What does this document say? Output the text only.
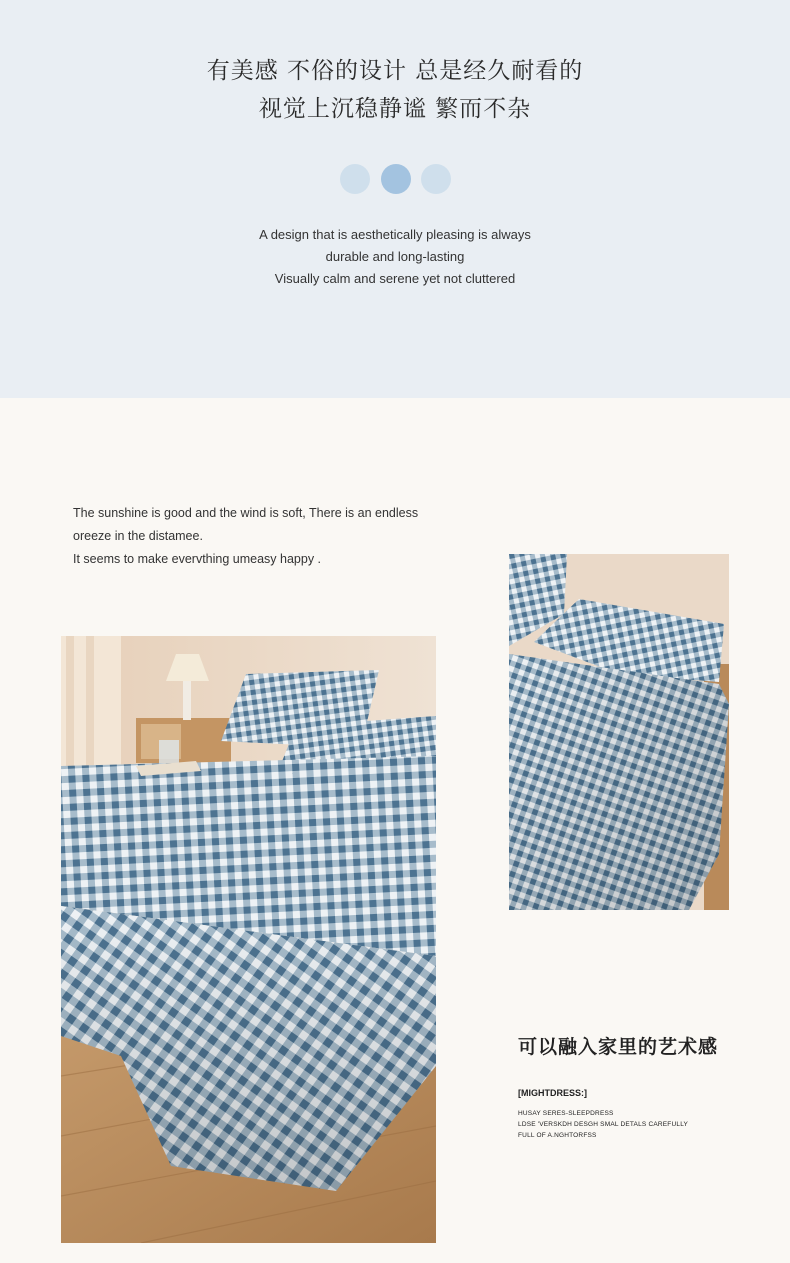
有美感 不俗的设计 总是经久耐看的
视觉上沉稳静谧 繁而不杂
A design that is aesthetically pleasing is always
durable and long-lasting
Visually calm and serene yet not cluttered
The sunshine is good and the wind is soft, There is an endless
oreeze in the distamee.
It seems to make evervthing umeasy happy .
可以融入家里的艺术感
[MIGHTDRESS:]
HUSAY SERES-SLEEPDRESS
LDSE 'VERSKDH DESGH SMAL DETALS CAREFULLY
FULL OF A.NGHTORFSS
